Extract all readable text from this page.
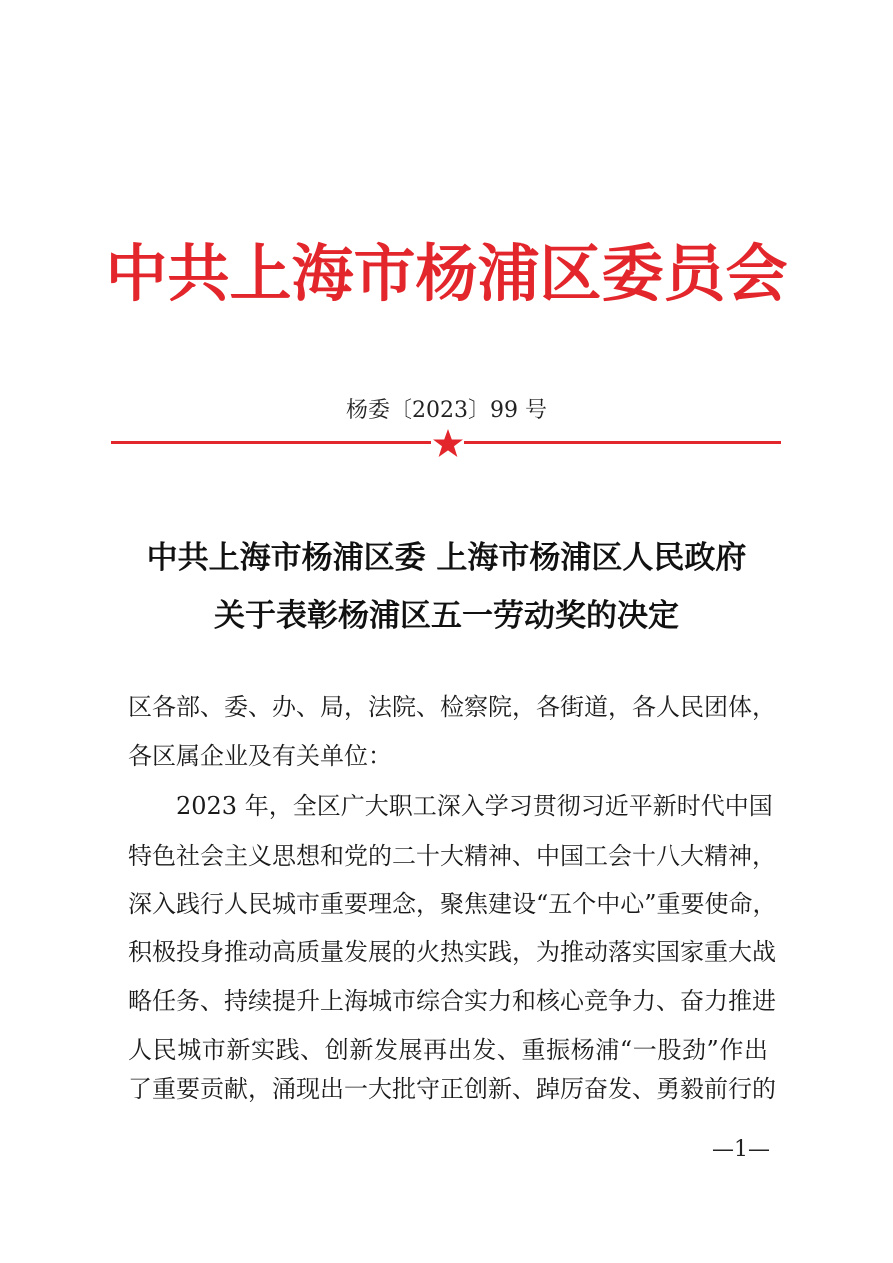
中共上海市杨浦区委员会
杨委〔2023〕99 号
中共上海市杨浦区委 上海市杨浦区人民政府
关于表彰杨浦区五一劳动奖的决定
区各部、委、办、局，法院、检察院，各街道，各人民团体，
各区属企业及有关单位：
2023 年，全区广大职工深入学习贯彻习近平新时代中国
特色社会主义思想和党的二十大精神、中国工会十八大精神，
深入践行人民城市重要理念，聚焦建设“五个中心”重要使命，
积极投身推动高质量发展的火热实践，为推动落实国家重大战
略任务、持续提升上海城市综合实力和核心竞争力、奋力推进
人民城市新实践、创新发展再出发、重振杨浦“一股劲”作出
了重要贡献，涌现出一大批守正创新、踔厉奋发、勇毅前行的
—1—
